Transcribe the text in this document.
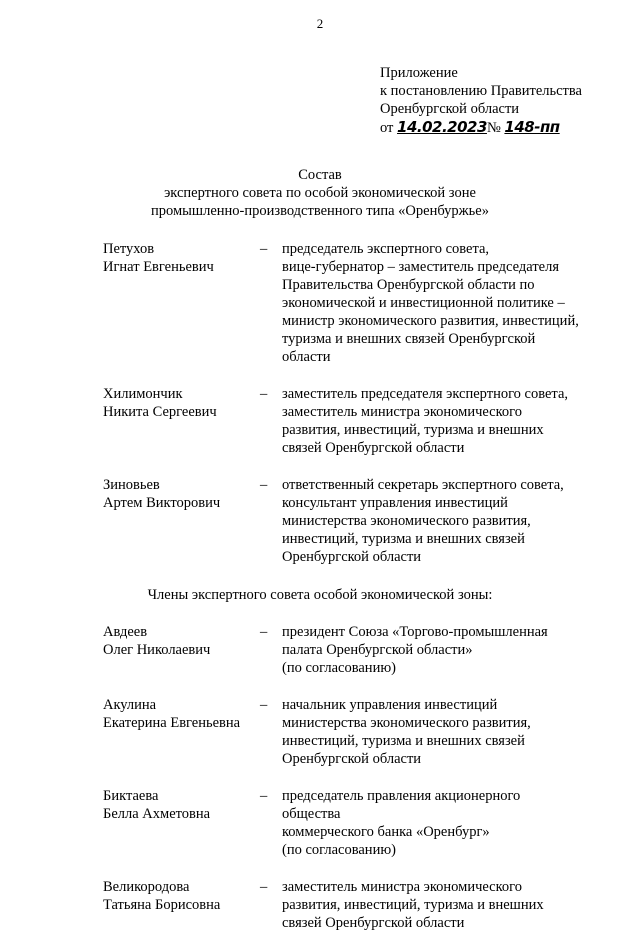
2
Приложение
к постановлению Правительства
Оренбургской области
от 14.02.2023№ 148-пп
Состав
экспертного совета по особой экономической зоне
промышленно-производственного типа «Оренбуржье»
Петухов
Игнат Евгеньевич
–	председатель экспертного совета,
вице-губернатор – заместитель председателя
Правительства Оренбургской области по
экономической и инвестиционной политике –
министр экономического развития, инвестиций,
туризма и внешних связей Оренбургской
области
Хилимончик
Никита Сергеевич
–	заместитель председателя экспертного совета,
заместитель министра экономического
развития, инвестиций, туризма и внешних
связей Оренбургской области
Зиновьев
Артем Викторович
–	ответственный секретарь экспертного совета,
консультант управления инвестиций
министерства экономического развития,
инвестиций, туризма и внешних связей
Оренбургской области
Члены экспертного совета особой экономической зоны:
Авдеев
Олег Николаевич
–	президент Союза «Торгово-промышленная
палата Оренбургской области»
(по согласованию)
Акулина
Екатерина Евгеньевна
–	начальник управления инвестиций
министерства экономического развития,
инвестиций, туризма и внешних связей
Оренбургской области
Биктаева
Белла Ахметовна
–	председатель правления акционерного общества
коммерческого банка «Оренбург»
(по согласованию)
Великородова
Татьяна Борисовна
–	заместитель министра экономического
развития, инвестиций, туризма и внешних
связей Оренбургской области
